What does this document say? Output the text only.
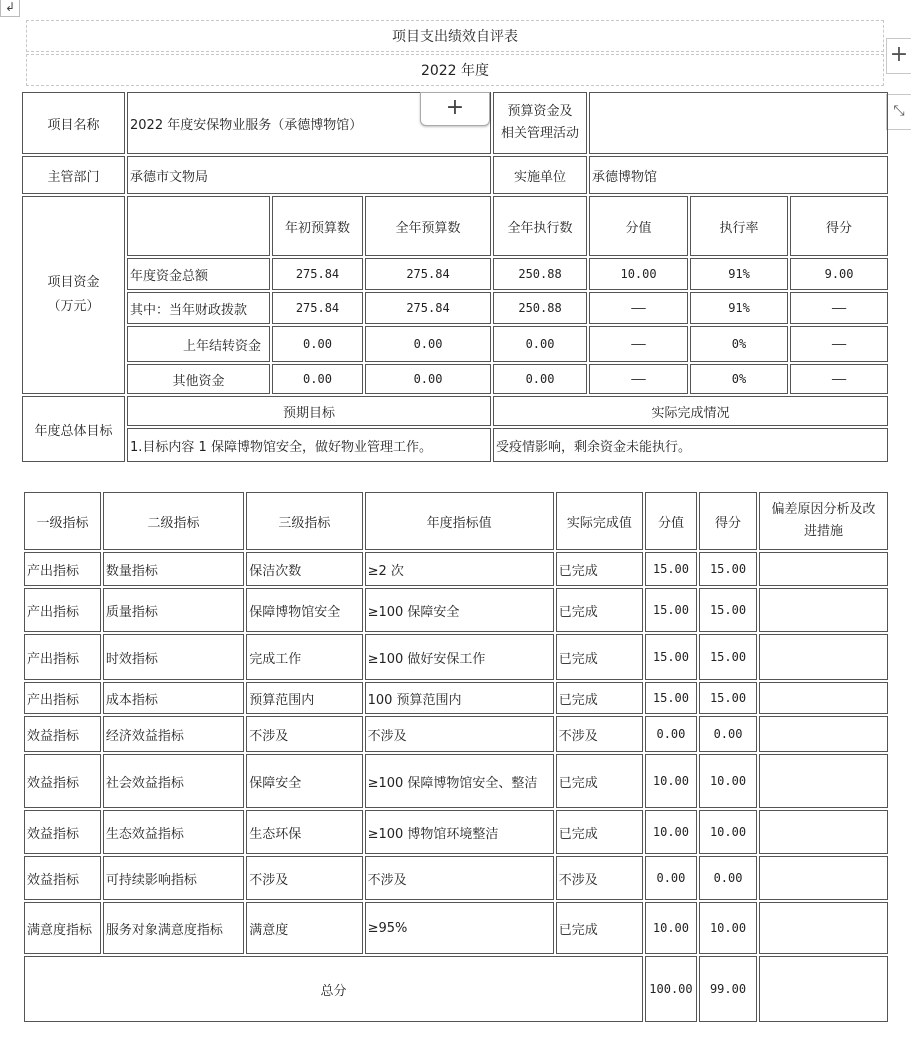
↲
+
⤡
项目支出绩效自评表
2022 年度
项目名称	2022 年度安保物业服务（承德博物馆）			预算资金及
相关管理活动			

主管部门	承德市文物局			实施单位	承德博物馆		

项目资金
（万元）		年初预算数	全年预算数	全年执行数	分值	执行率	得分
	年度资金总额	275.84	275.84	250.88	10.00	91%	9.00
	其中：当年财政拨款	275.84	275.84	250.88	——	91%	——
	上年结转资金	0.00	0.00	0.00	——	0%	——
	其他资金	0.00	0.00	0.00	——	0%	——
年度总体目标	预期目标			实际完成情况			
	1.目标内容 1 保障博物馆安全，做好物业管理工作。			受疫情影响，剩余资金未能执行。			
一级指标	二级指标	三级指标	年度指标值	实际完成值	分值	得分	偏差原因分析及改
进措施

产出指标	数量指标	保洁次数	≥2 次	已完成	15.00	15.00	
产出指标	质量指标	保障博物馆安全	≥100 保障安全	已完成	15.00	15.00	
产出指标	时效指标	完成工作	≥100 做好安保工作	已完成	15.00	15.00	
产出指标	成本指标	预算范围内	100 预算范围内	已完成	15.00	15.00	
效益指标	经济效益指标	不涉及	不涉及	不涉及	0.00	0.00	
效益指标	社会效益指标	保障安全	≥100 保障博物馆安全、整洁	已完成	10.00	10.00	
效益指标	生态效益指标	生态环保	≥100 博物馆环境整洁	已完成	10.00	10.00	
效益指标	可持续影响指标	不涉及	不涉及	不涉及	0.00	0.00	
满意度指标	服务对象满意度指标	满意度	≥95%	已完成	10.00	10.00	
总分					100.00	99.00	
+
